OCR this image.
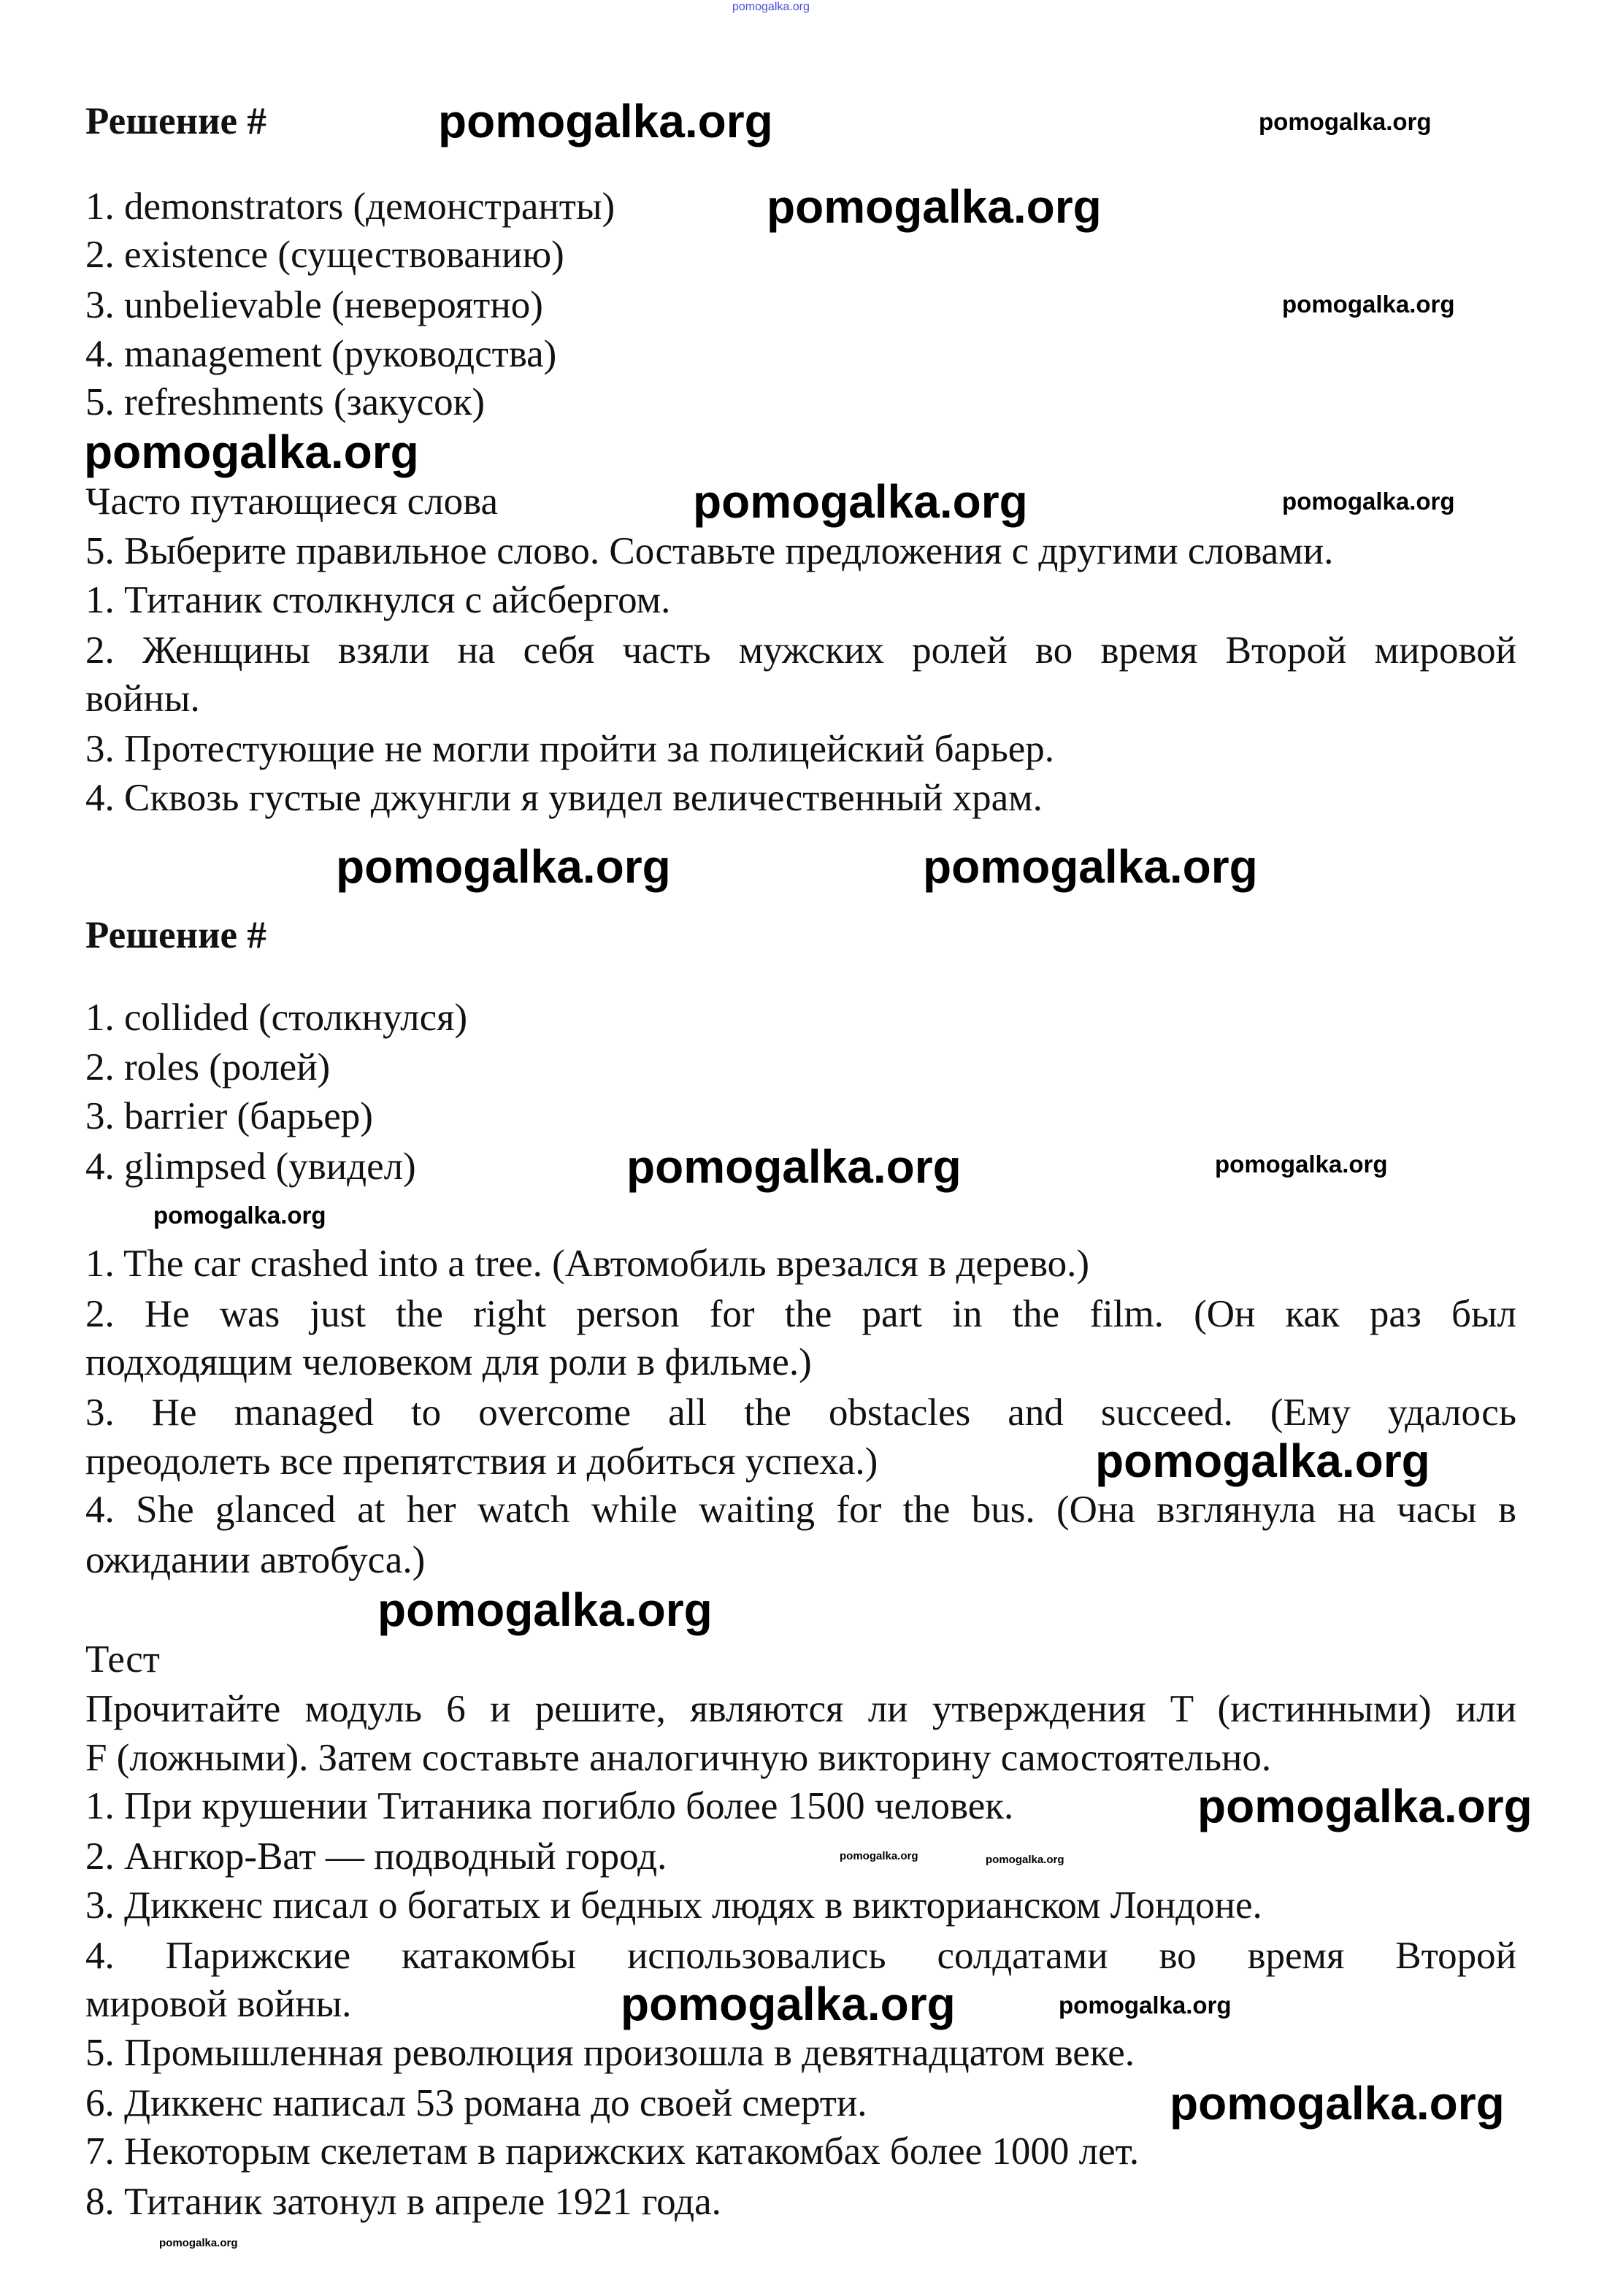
Решение #
1. demonstrators (демонстранты)
2. existence (существованию)
3. unbelievable (невероятно)
4. management (руководства)
5. refreshments (закусок)
Часто путающиеся слова
5. Выберите правильное слово. Составьте предложения с другими словами.
1. Титаник столкнулся с айсбергом.
2. Женщины взяли на себя часть мужских ролей во время Второй мировой
войны.
3. Протестующие не могли пройти за полицейский барьер.
4. Сквозь густые джунгли я увидел величественный храм.
Решение #
1. collided (столкнулся)
2. roles (ролей)
3. barrier (барьер)
4. glimpsed (увидел)
1. The car crashed into a tree. (Автомобиль врезался в дерево.)
2. He was just the right person for the part in the film. (Он как раз был
подходящим человеком для роли в фильме.)
3. He managed to overcome all the obstacles and succeed. (Ему удалось
преодолеть все препятствия и добиться успеха.)
4. She glanced at her watch while waiting for the bus. (Она взглянула на часы в
ожидании автобуса.)
Тест
Прочитайте модуль 6 и решите, являются ли утверждения T (истинными) или
F (ложными). Затем составьте аналогичную викторину самостоятельно.
1. При крушении Титаника погибло более 1500 человек.
2. Ангкор-Ват — подводный город.
3. Диккенс писал о богатых и бедных людях в викторианском Лондоне.
4. Парижские катакомбы использовались солдатами во время Второй
мировой войны.
5. Промышленная революция произошла в девятнадцатом веке.
6. Диккенс написал 53 романа до своей смерти.
7. Некоторым скелетам в парижских катакомбах более 1000 лет.
8. Титаник затонул в апреле 1921 года.
pomogalka.org
pomogalka.org
pomogalka.org
pomogalka.org
pomogalka.org
pomogalka.org
pomogalka.org	pomogalka.org
pomogalka.org	pomogalka.org
pomogalka.org	pomogalka.org
pomogalka.org
pomogalka.org
pomogalka.org
pomogalka.org
pomogalka.org	pomogalka.org
pomogalka.org	pomogalka.org
pomogalka.org
pomogalka.org
